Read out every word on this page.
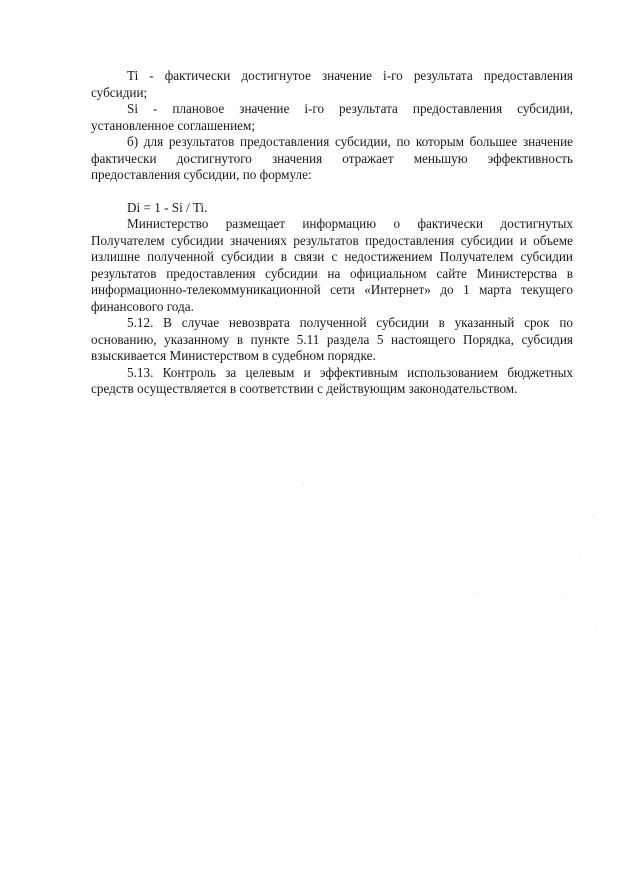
Ti - фактически достигнутое значение i-го результата предоставления субсидии;

Si - плановое значение i-го результата предоставления субсидии, установленное соглашением;

б) для результатов предоставления субсидии, по которым большее значение фактически достигнутого значения отражает меньшую эффективность предоставления субсидии, по формуле:

Di = 1 - Si / Ti.

Министерство размещает информацию о фактически достигнутых Получателем субсидии значениях результатов предоставления субсидии и объеме излишне полученной субсидии в связи с недостижением Получателем субсидии результатов предоставления субсидии на официальном сайте Министерства в информационно-телекоммуникационной сети «Интернет» до 1 марта текущего финансового года.

5.12. В случае невозврата полученной субсидии в указанный срок по основанию, указанному в пункте 5.11 раздела 5 настоящего Порядка, субсидия взыскивается Министерством в судебном порядке.

5.13. Контроль за целевым и эффективным использованием бюджетных средств осуществляется в соответствии с действующим законодательством.
